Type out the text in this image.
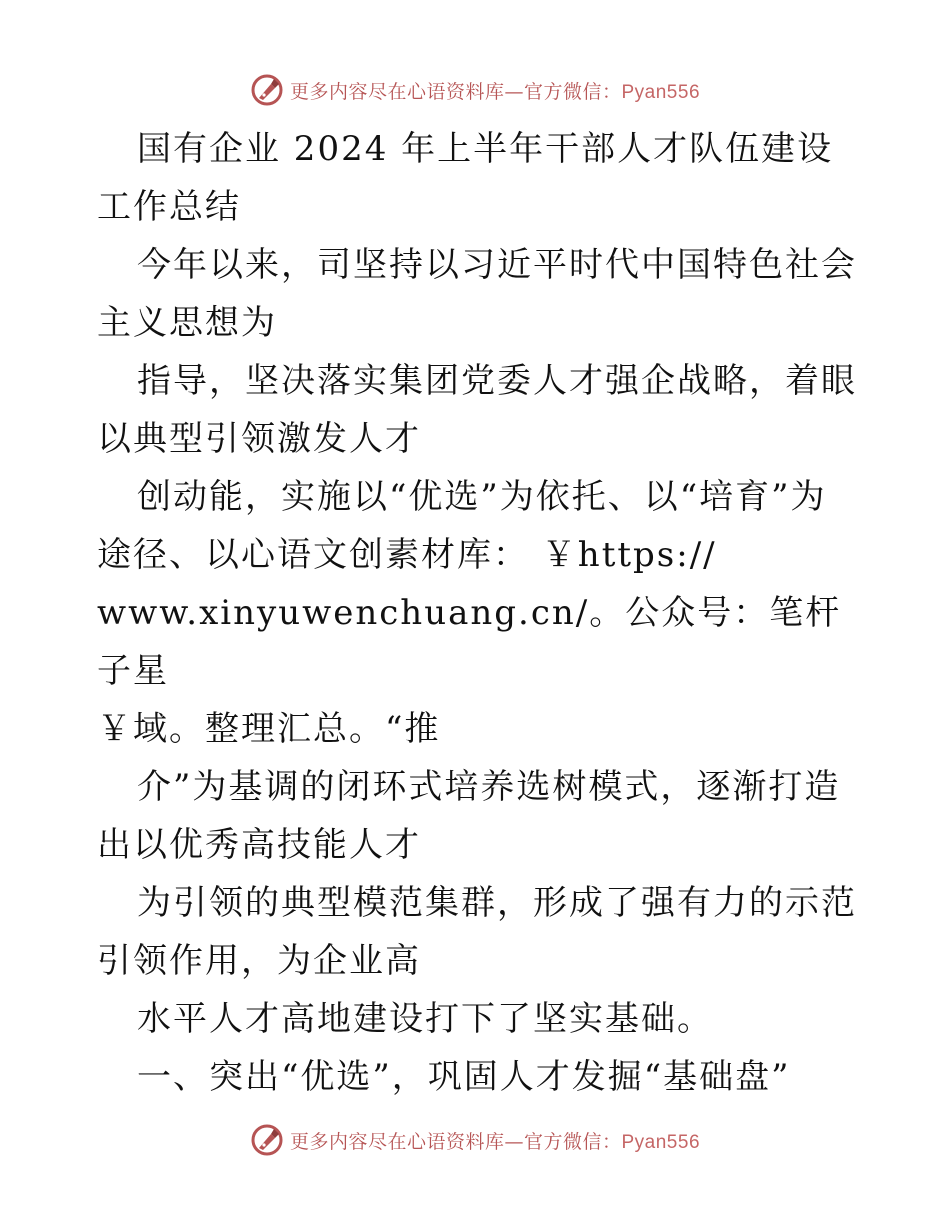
更多内容尽在心语资料库—官方微信：Pyan556

国有企业 2024 年上半年干部人才队伍建设工作总结

今年以来，司坚持以习近平时代中国特色社会主义思想为

指导，坚决落实集团党委人才强企战略，着眼以典型引领激发人才

创动能，实施以“优选”为依托、以“培育”为途径、以心语文创素材库： ￥https://

www.xinyuwenchuang.cn/。公众号：笔杆子星

￥域。整理汇总。“推

介”为基调的闭环式培养选树模式，逐渐打造出以优秀高技能人才

为引领的典型模范集群，形成了强有力的示范引领作用，为企业高

水平人才高地建设打下了坚实基础。

一、突出“优选”，巩固人才发掘“基础盘”

更多内容尽在心语资料库—官方微信：Pyan556
